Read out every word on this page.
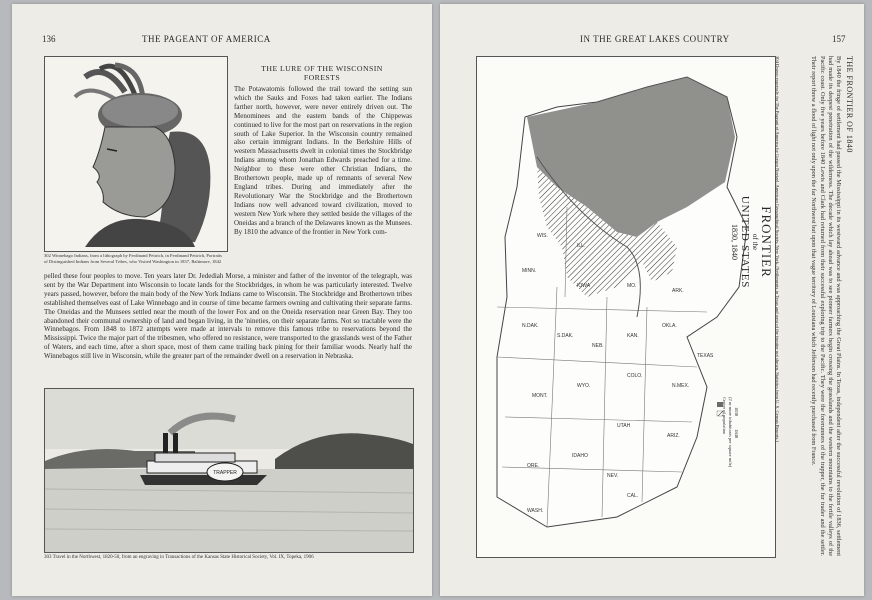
136	THE PAGEANT OF AMERICA
302 Winnebago Indians, from a lithograph by Ferdinand Pettrich, in Ferdinand Pettrich, Portraits of Distinguished Indians from Several Tribes, who Visited Washington in 1837, Baltimore, 1842
THE LURE OF THE WISCONSIN
FORESTS
The Potawatomis followed the trail toward the setting sun which the Sauks and Foxes had taken earlier. The Indians farther north, however, were never entirely driven out. The Menominees and the eastern bands of the Chippewas continued to live for the most part on reservations in the region south of Lake Superior. In the Wisconsin country remained also certain immigrant Indians. In the Berkshire Hills of western Massachusetts dwelt in colonial times the Stockbridge Indians among whom Jonathan Edwards preached for a time. Neighbor to these were other Christian Indians, the Brothertown people, made up of remnants of several New England tribes. During and immediately after the Revolutionary War the Stockbridge and the Brothertown Indians now well advanced toward civilization, moved to western New York where they settled beside the villages of the Oneidas and a branch of the Delawares known as the Munsees. By 1810 the advance of the frontier in New York com-
pelled these four peoples to move. Ten years later Dr. Jedediah Morse, a minister and father of the inventor of the telegraph, was sent by the War Department into Wisconsin to locate lands for the Stockbridges, in whom he was particularly interested. Twelve years passed, however, before the main body of the New York Indians came to Wisconsin. The Stockbridge and Brothertown tribes established themselves east of Lake Winnebago and in course of time became farmers owning and cultivating their separate farms. The Oneidas and the Munsees settled near the mouth of the lower Fox and on the Oneida reservation near Green Bay. They too abandoned their communal ownership of land and began living, in the 'nineties, on their separate farms. Not so tractable were the Winnebagos. From 1848 to 1872 attempts were made at intervals to remove this famous tribe to reservations beyond the Mississippi. Twice the major part of the tribesmen, who offered no resistance, were transported to the grasslands west of the Father of Waters, and each time, after a short space, most of them came trailing back pining for their familiar woods. Nearly half the Winnebagos still live in Wisconsin, while the greater part of the remainder dwell on a reservation in Nebraska.
TRAPPER
303 Travel in the Northwest, 1820-50, from an engraving in Transactions of the Kansas State Historical Society, Vol. IX, Topeka, 1906
IN THE GREAT LAKES COUNTRY	157
WASH.
ORE.
CAL.
IDAHO
NEV.
UTAH
ARIZ.
MONT.
WYO.
COLO.
N.MEX.
N.DAK.
S.DAK.
NEB.
KAN.
OKLA.
TEXAS
MINN.
IOWA	MO.
ARK.
WIS.
ILL.
1830 1840
(2 or more inhabitants per square mile)
Center of population
FRONTIER
of the
UNITED STATES
1830, 1840
304 Drawn expressly for The Pageant of America by Gregor Noetzel, American Geographical Society, New York. (Settlements in Texas and west of the frontier not shown. Statistics from U. S. Census Reports.)	THE FRONTIER OF 1840
By 1840 the fringe of settlement had passed the Mississippi in its westward advance and was approaching the Great Plains. In Texas, independent after the successful revolution of 1836, settlement had made its deepest penetration of the wilderness. The decade which lay ahead was to see pioneer farmers begin crossing the grasslands and the western mountains to the fertile valleys of the Pacific coast. Only five years before 1840 Lewis and Clark had returned from their successful exploring trip to the Pacific. They were the forerunners of the trapper, the fur trader and the settler. Their report threw a flood of light not only upon the far Northwest but upon that vague territory of Louisiana which Jefferson had recently purchased from France.
